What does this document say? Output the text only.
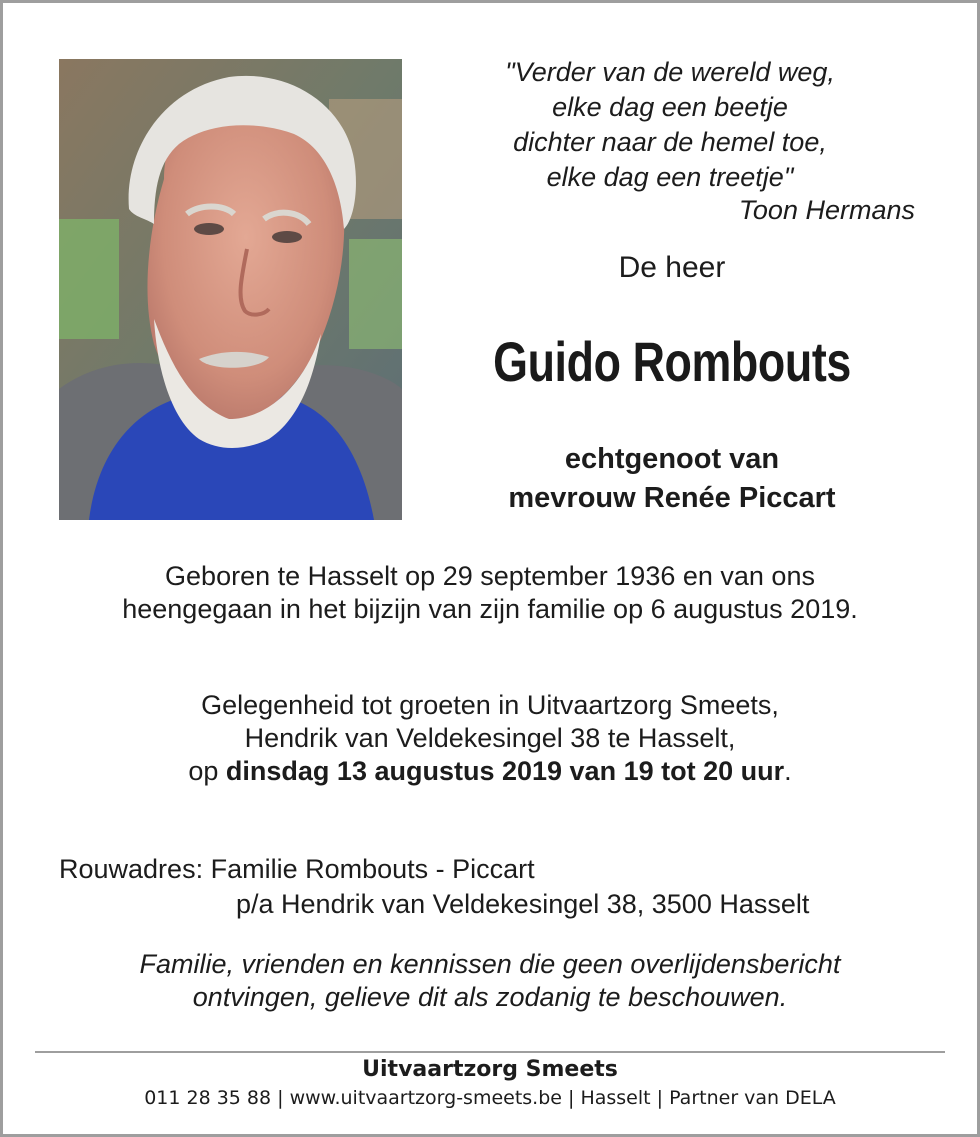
"Verder van de wereld weg,
elke dag een beetje
dichter naar de hemel toe,
elke dag een treetje"
Toon Hermans
De heer
Guido Rombouts
echtgenoot van
mevrouw Renée Piccart
Geboren te Hasselt op 29 september 1936 en van ons
heengegaan in het bijzijn van zijn familie op 6 augustus 2019.
Gelegenheid tot groeten in Uitvaartzorg Smeets,
Hendrik van Veldekesingel 38 te Hasselt,
op dinsdag 13 augustus 2019 van 19 tot 20 uur.
Rouwadres: Familie Rombouts - Piccart
p/a Hendrik van Veldekesingel 38, 3500 Hasselt
Familie, vrienden en kennissen die geen overlijdensbericht
ontvingen, gelieve dit als zodanig te beschouwen.
Uitvaartzorg Smeets
011 28 35 88 | www.uitvaartzorg-smeets.be | Hasselt | Partner van DELA
